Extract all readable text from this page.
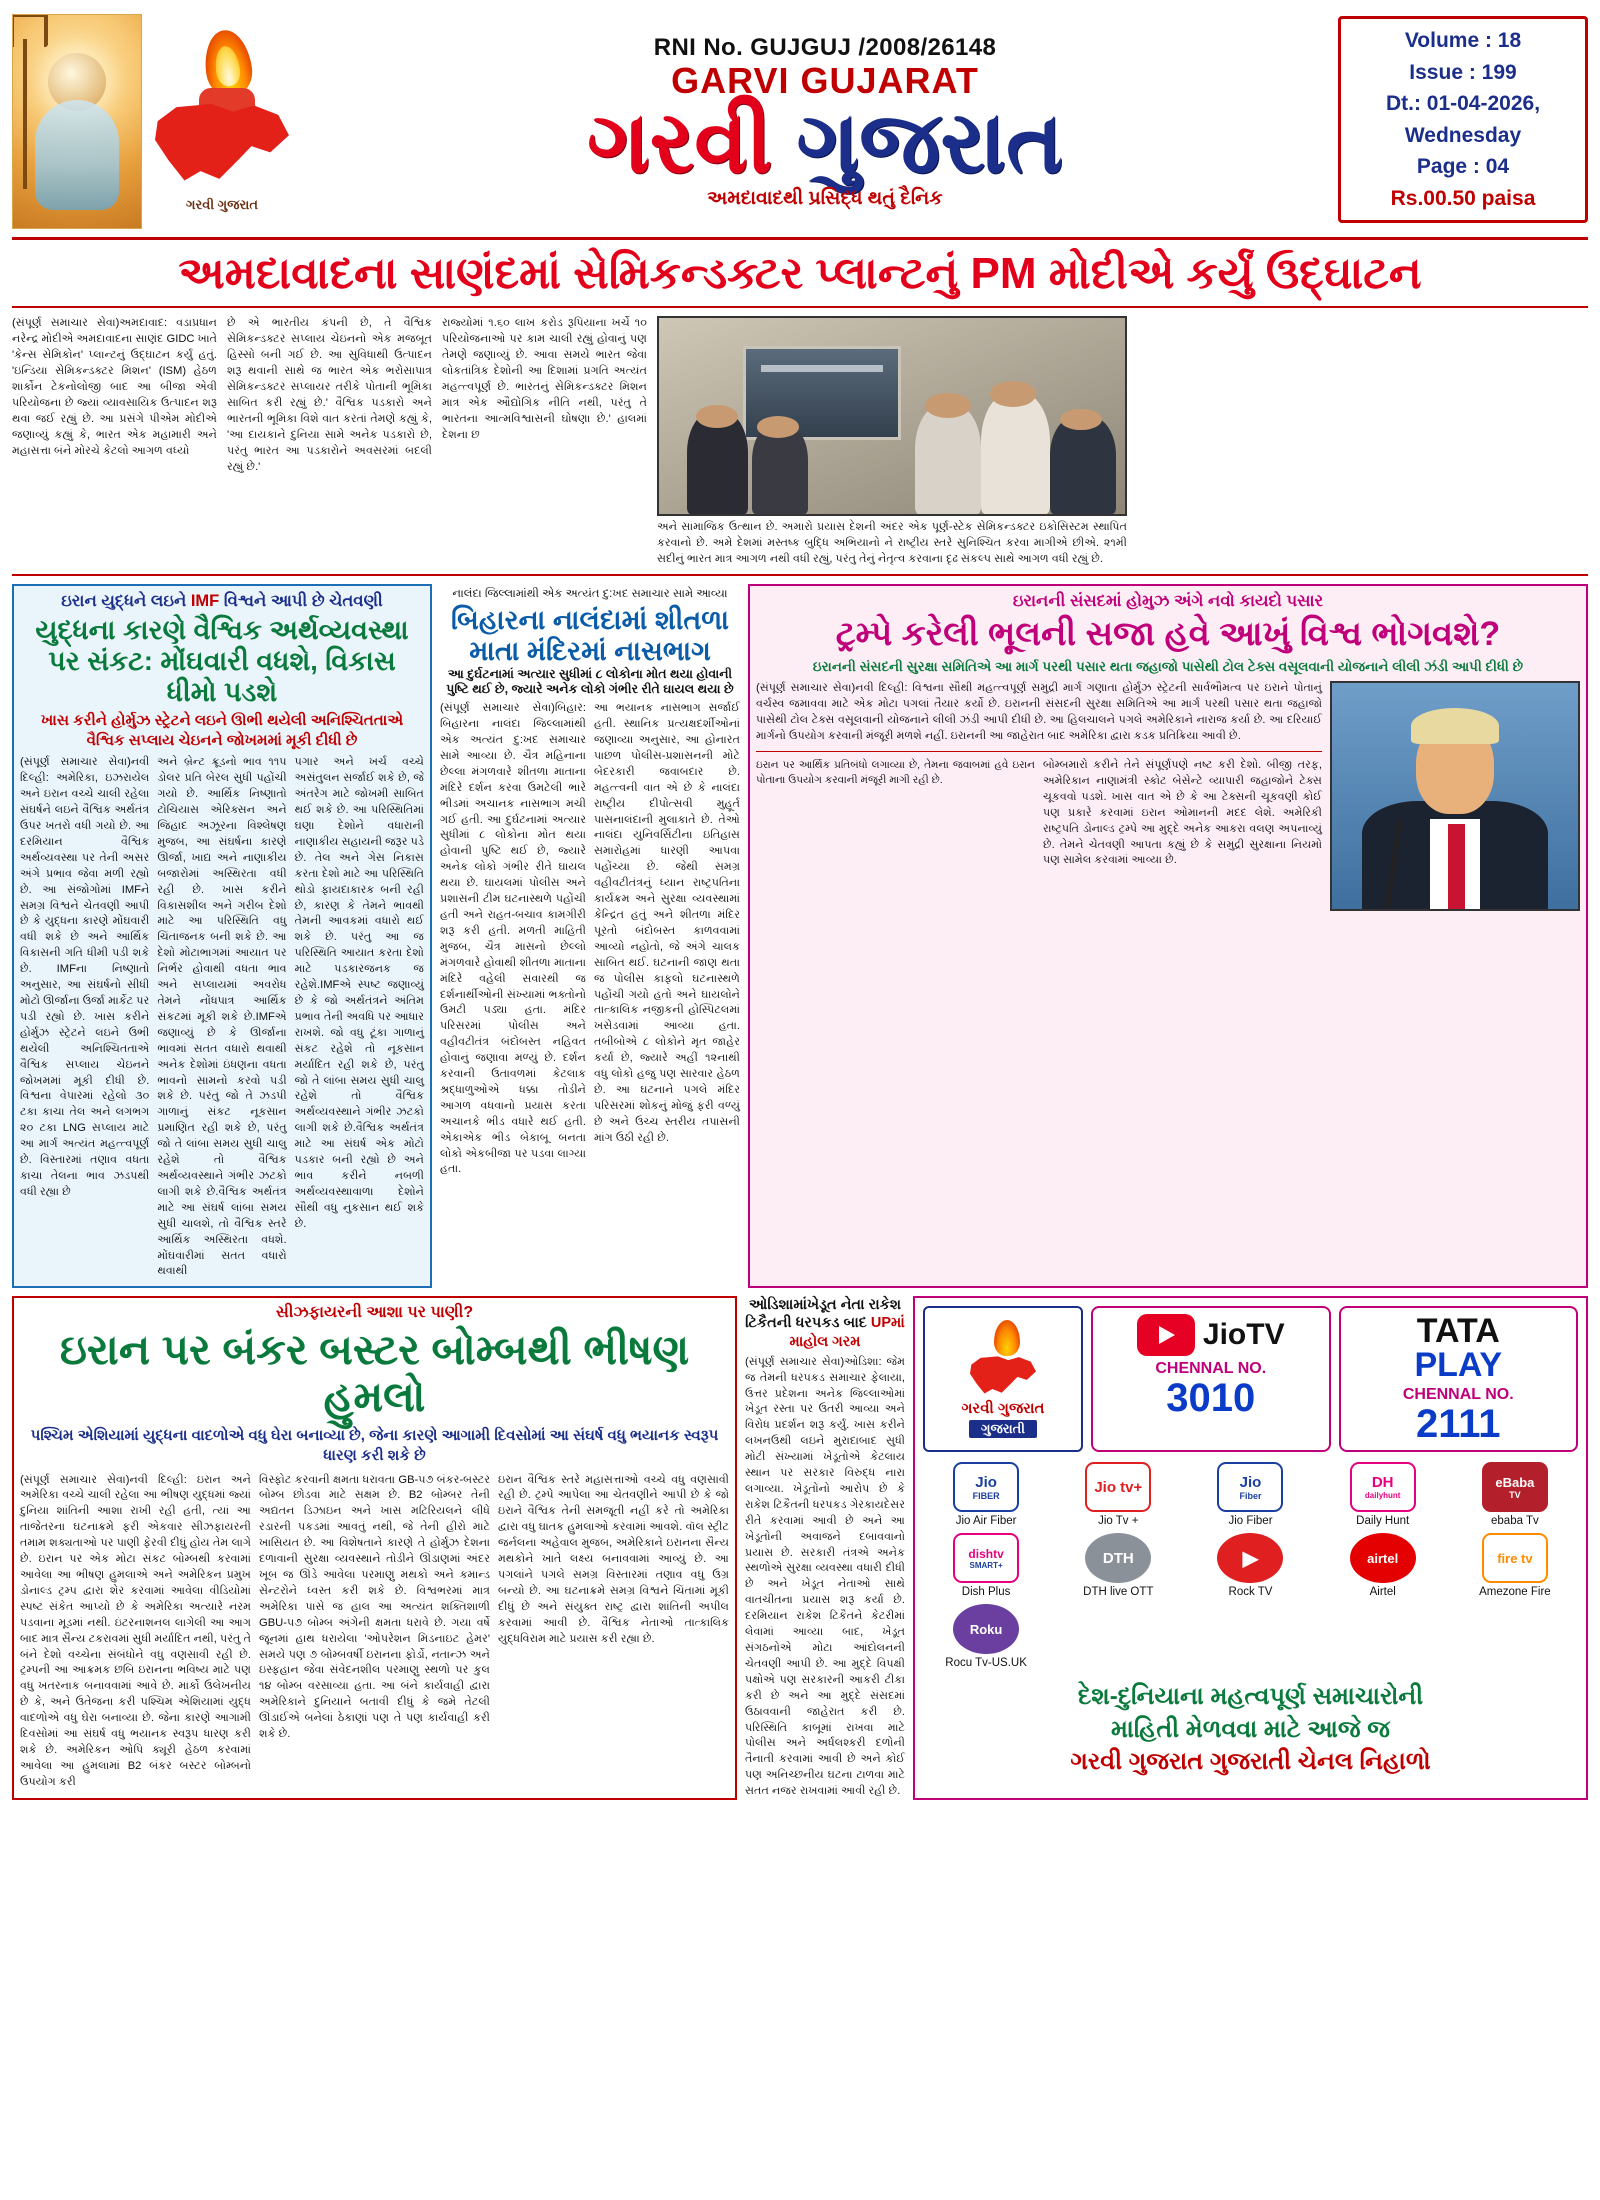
ગરવી ગુજરાત
RNI No. GUJGUJ /2008/26148
GARVI GUJARAT
ગરવી ગુજરાત
અમદાવાદથી પ્રસિદ્ધ થતું દૈનિક
Volume : 18
Issue : 199
Dt.: 01-04-2026,
Wednesday
Page : 04
Rs.00.50 paisa
અમદાવાદના સાણંદમાં સેમિકન્ડક્ટર પ્લાન્ટનું PM મોદીએ કર્યું ઉદ્ઘાટન
(સંપૂર્ણ સમાચાર સેવા)અમદાવાદ: વડાપ્રધાન નરેન્દ્ર મોદીએ અમદાવાદના સાણંદ GIDC ખાતે 'કેન્સ સેમિકોન' પ્લાન્ટનું ઉદ્ઘાટન કર્યું હતું. 'ઇન્ડિયા સેમિકન્ડક્ટર મિશન' (ISM) હેઠળ શાર્કોન ટેકનોલોજી બાદ આ બીજા એવી પરિયોજના છે જ્યાં વ્યાવસાયિક ઉત્પાદન શરૂ થવા જઈ રહ્યું છે. આ પ્રસંગે પીએમ મોદીએ જણાવ્યું કહ્યું કે, ભારત એક મહામારી અને મહાસત્તા બંને મોરચે કેટલો આગળ વધ્યો
છે એ ભારતીય કંપની છે, તે વૈશ્વિક સેમિકન્ડક્ટર સપ્લાય ચેઇનનો એક મજબૂત હિસ્સો બની ગઈ છે. આ સુવિધાથી ઉત્પાદન શરૂ થવાની સાથે જ ભારત એક ભરોસાપાત્ર સેમિકન્ડક્ટર સપ્લાયર તરીકે પોતાની ભૂમિકા સાબિત કરી રહ્યું છે.' વૈશ્વિક પડકારો અને ભારતની ભૂમિકા વિશે વાત કરતાં તેમણે કહ્યું કે, 'આ દાયકાને દુનિયા સામે અનેક પડકારો છે, પરંતુ ભારત આ પડકારોને અવસરમાં બદલી રહ્યું છે.'
રાજ્યોમાં ૧.૬૦ લાખ કરોડ રૂપિયાના ખર્ચે ૧૦ પરિયોજનાઓ પર કામ ચાલી રહ્યું હોવાનું પણ તેમણે જણાવ્યું છે. આવા સમયે ભારત જેવા લોકતાંત્રિક દેશોની આ દિશામાં પ્રગતિ અત્યંત મહત્ત્વપૂર્ણ છે. ભારતનું સેમિકન્ડક્ટર મિશન માત્ર એક ઔદ્યોગિક નીતિ નથી, પરંતુ તે ભારતના આત્મવિશ્વાસની ઘોષણા છે.' હાલમાં દેશના છ
અને સામાજિક ઉત્થાન છે. અમારો પ્રયાસ દેશની અંદર એક પૂર્ણ-સ્ટેક સેમિકન્ડક્ટર ઇકોસિસ્ટમ સ્થાપિત કરવાનો છે. અમે દેશમાં મસ્તષ્ક બુદ્ધિ અભિયાનો ને રાષ્ટ્રીય સ્તરે સુનિશ્ચિત કરવા માગીએ છીએ. ૨૧મી સદીનું ભારત માત્ર આગળ નથી વધી રહ્યું, પરંતુ તેનું નેતૃત્વ કરવાના દૃઢ સંકલ્પ સાથે આગળ વધી રહ્યું છે.
ઇરાન યુદ્ધને લઇને IMF વિશ્વને આપી છે ચેતવણી
યુદ્ધના કારણે વૈશ્વિક અર્થવ્યવસ્થા પર સંકટ: મોંઘવારી વધશે, વિકાસ ધીમો પડશે
ખાસ કરીને હોર્મુઝ સ્ટ્રેટને લઇને ઊભી થયેલી અનિશ્ચિતતાએ વૈશ્વિક સપ્લાય ચેઇનને જોખમમાં મૂકી દીધી છે
(સંપૂર્ણ સમાચાર સેવા)નવી દિલ્હી: અમેરિકા, ઇઝરાયેલ અને ઇરાન વચ્ચે ચાલી રહેલા સંઘર્ષને લઇને વૈશ્વિક અર્થતંત્ર ઉપર ખતરો વધી ગયો છે. આ દરમિયાન વૈશ્વિક અર્થવ્યવસ્થા પર તેની અસર અંગે પ્રભાવ જેવા મળી રહ્યો છે. આ સંજોગોમાં IMFને સમગ્ર વિશ્વને ચેતવણી આપી છે કે યુદ્ધના કારણે મોંઘવારી વધી શકે છે અને આર્થિક વિકાસની ગતિ ધીમી પડી શકે છે. IMFના નિષ્ણાતો અનુસાર, આ સંઘર્ષનો સીધી મોટો ઊર્જાના ઉર્જા માર્કેટ પર પડી રહ્યો છે. ખાસ કરીને હોર્મુઝ સ્ટ્રેટને લઇને ઉભી થયેલી અનિશ્ચિતતાએ વૈશ્વિક સપ્લાય ચેઇનને જોખમમાં મૂકી દીધી છે. વિશ્વના વેપારમાં રહેલો ૩૦ ટકા કાચા તેલ અને લગભગ ૨૦ ટકા LNG સપ્લાય માટે આ માર્ગ અત્યંત મહત્ત્વપૂર્ણ છે. વિસ્તારમાં તણાવ વધતા કાચા તેલના ભાવ ઝડપથી વધી રહ્યા છે
અને બ્રેન્ટ ક્રૂડનો ભાવ ૧૧૫ ડોલર પ્રતિ બેરલ સુધી પહોંચી ગયો છે. આર્થિક નિષ્ણાતો ટોચિયાસ એરિક્સન અને જિહાદ અઝૂરના વિશ્લેષણ મુજબ, આ સંઘર્ષના કારણે ઊર્જા, ખાદ્ય અને નાણાકીય બજારોમાં અસ્થિરતા વધી રહી છે. ખાસ કરીને વિકાસશીલ અને ગરીબ દેશો માટે આ પરિસ્થિતિ વધુ ચિંતાજનક બની શકે છે. આ દેશો મોટાભાગમાં આયાત પર નિર્ભર હોવાથી વધતા ભાવ અને સપ્લાયમાં અવરોધ તેમને નોંધપાત્ર આર્થિક સંકટમાં મૂકી શકે છે.IMFએ જણાવ્યું છે કે ઊર્જાના ભાવમાં સતત વધારો થવાથી અનેક દેશોમાં ઇંધણના વધતા ભાવનો સામનો કરવો પડી શકે છે. પરંતુ જો તે ઝડપી ગાળાનું સંકટ નૂકસાન પ્રમાણિત રહી શકે છે, પરંતુ જો તે લાંબા સમય સુધી ચાલુ રહેશે તો વૈશ્વિક અર્થવ્યવસ્થાને ગંભીર ઝટકો લાગી શકે છે.વૈશ્વિક અર્થતંત્ર માટે આ સંઘર્ષ લાંબા સમય સુધી ચાલશે, તો વૈશ્વિક સ્તરે આર્થિક અસ્થિરતા વધશે. મોંઘવારીમાં સતત વધારો થવાથી
પગાર અને ખર્ચ વચ્ચે અસંતુલન સર્જાઈ શકે છે, જે અંતરેગ માટે જોખમી સાબિત થઈ શકે છે. આ પરિસ્થિતિમાં ઘણા દેશોને વધારાની નાણાકીય સહાયની જરૂર પડે છે. તેલ અને ગેસ નિકાસ કરતા દેશો માટે આ પરિસ્થિતિ થોડો ફાયદાકારક બની રહી છે, કારણ કે તેમને ભાવથી તેમની આવકમાં વધારો થઈ શકે છે. પરંતુ આ જ પરિસ્થિતિ આયાત કરતા દેશો માટે પડકારજનક જ રહેશે.IMFએ સ્પષ્ટ જણાવ્યું છે કે જો અર્થતંત્રને અંતિમ પ્રભાવ તેની અવધિ પર આધાર રાખશે. જો વધુ ટૂંકા ગાળાનું સંકટ રહેશે તો નૂકસાન મર્યાદિત રહી શકે છે, પરંતુ જો તે લાંબા સમય સુધી ચાલુ રહેશે તો વૈશ્વિક અર્થવ્યવસ્થાને ગંભીર ઝટકો લાગી શકે છે.વૈશ્વિક અર્થતંત્ર માટે આ સંઘર્ષ એક મોટો પડકાર બની રહ્યો છે અને ભાવ કરીને નબળી અર્થવ્યવસ્થાવાળા દેશોને સૌથી વધુ નુકસાન થઈ શકે છે.
નાલંદા જિલ્લામાંથી એક અત્યંત દુ:ખદ સમાચાર સામે આવ્યા
બિહારના નાલંદામાં શીતળા માતા મંદિરમાં નાસભાગ
આ દુર્ઘટનામાં અત્યાર સુધીમાં ૮ લોકોના મોત થયા હોવાની પુષ્ટિ થઈ છે, જ્યારે અનેક લોકો ગંભીર રીતે ઘાયલ થયા છે
(સંપૂર્ણ સમાચાર સેવા)બિહાર: બિહારના નાલંદા જિલ્લામાંથી એક અત્યંત દુ:ખદ સમાચાર સામે આવ્યા છે. ચૈત્ર મહિનાના છેલ્લા મંગળવારે શીતળા માતાના મંદિરે દર્શન કરવા ઉમટેલી ભારે ભીડમાં અચાનક નાસભાગ મચી ગઈ હતી. આ દુર્ઘટનામાં અત્યાર સુધીમાં ૮ લોકોના મોત થયા હોવાની પુષ્ટિ થઈ છે, જ્યારે અનેક લોકો ગંભીર રીતે ઘાયલ થયા છે. ઘાયલમાં પોલીસ અને પ્રશાસની ટીમ ઘટનાસ્થળે પહોંચી હતી અને રાહત-બચાવ કામગીરી શરૂ કરી હતી. મળતી માહિતી મુજબ, ચૈત્ર માસનો છેલ્લો મંગળવારે હોવાથી શીતળા માતાના મંદિરે વહેલી સવારથી જ દર્શનાર્થીઓની સંખ્યામાં ભક્તોનો ઉમટી પડ્યા હતા. મંદિર પરિસરમાં પોલીસ અને વહીવટીતંત્ર બંદોબસ્ત નહિવત હોવાનું જણાવા મળ્યું છે. દર્શન કરવાની ઉતાવળમાં કેટલાક શ્રદ્ધાળુઓએ ધક્કા તોડીને આગળ વધવાનો પ્રયાસ કરતા અચાનકે ભીડ વધારે થઈ હતી. એકાએક ભીડ બેકાબૂ બનતા લોકો એકબીજા પર પડવા લાગ્યા હતા.
આ ભયાનક નાસભાગ સર્જાઈ હતી. સ્થાનિક પ્રત્યક્ષદર્શીઓનાં જણાવ્યા અનુસાર, આ હોનારત પાછળ પોલીસ-પ્રશાસનની મોટે બેદરકારી જવાબદાર છે. મહત્ત્વની વાત એ છે કે નાલંદા રાષ્ટ્રીય દીપોત્સવી મુહૂર્ત પાસનાલંદાની મુલાકાતે છે. તેઓ નાલંદા યુનિવર્સિટીના ઇતિહાસ સમારોહમાં ધારણી આપવા પહોંચ્યા છે. જેથી સમગ્ર વહીવટીતંત્રનું ધ્યાન રાષ્ટ્રપતિના કાર્યક્રમ અને સુરક્ષા વ્યવસ્થામાં કેન્દ્રિત હતું અને શીતળા મંદિર પૂરતો બંદોબસ્ત કાળવવામાં આવ્યો નહોતો, જે અંગે ચાલક સાબિત થઈ. ઘટનાની જાણ થતા જ પોલીસ કાફલો ઘટનાસ્થળે પહોંચી ગયો હતો અને ઘાયલોને તાત્કાલિક નજીકની હોસ્પિટલમાં ખસેડવામાં આવ્યા હતા. તબીબોએ ૮ લોકોને મૃત જાહેર કર્યા છે, જ્યારે અહીં ૧૨નાથી વધુ લોકો હજુ પણ સારવાર હેઠળ છે. આ ઘટનાને પગલે મંદિર પરિસરમાં શોકનું મોજું ફરી વળ્યું છે અને ઉચ્ચ સ્તરીય તપાસની માંગ ઉઠી રહી છે.
ઇરાનની સંસદમાં હોમુઝ અંગે નવો કાયદો પસાર
ટ્રમ્પે કરેલી ભૂલની સજા હવે આખું વિશ્વ ભોગવશે?
ઇરાનની સંસદની સુરક્ષા સમિતિએ આ માર્ગ પરથી પસાર થતા જહાજો પાસેથી ટોલ ટેક્સ વસૂલવાની યોજનાને લીલી ઝંડી આપી દીધી છે
(સંપૂર્ણ સમાચાર સેવા)નવી દિલ્હી: વિશ્વના સૌથી મહત્ત્વપૂર્ણ સમુદ્રી માર્ગ ગણાતા હોર્મુઝ સ્ટ્રેટની સાર્વભૌમત્વ પર ઇરાને પોતાનું વર્ચસ્વ જમાવવા માટે એક મોટા પગલાં તૈયાર કર્યો છે. ઇરાનની સંસદની સુરક્ષા સમિતિએ આ માર્ગ પરથી પસાર થતા જહાજો પાસેથી ટોલ ટેક્સ વસૂલવાની યોજનાને લીલી ઝંડી આપી દીધી છે. આ હિલચાલને પગલે અમેરિકાને નારાજ કર્યા છે. આ દરિયાઈ માર્ગનો ઉપયોગ કરવાની મંજૂરી મળશે નહીં. ઇરાનની આ જાહેરાત બાદ અમેરિકા દ્વારા કડક પ્રતિક્રિયા આવી છે.
ઇરાન પર આર્થિક પ્રતિબંધો લગાવ્યા છે, તેમના જવાબમાં હવે ઇરાન પોતાના ઉપયોગ કરવાની મંજૂરી માગી રહી છે.
બોમ્બમારો કરીને તેને સંપૂર્ણપણે નષ્ટ કરી દેશો. બીજી તરફ, અમેરિકાન નાણામંત્રી સ્કોટ બેસેન્ટે વ્યાપારી જહાજોને ટેક્સ ચૂકવવો પડશે. ખાસ વાત એ છે કે આ ટેક્સની ચૂકવણી કોઈ પણ પ્રકારે કરવામાં ઇરાન ઓમાનની મદદ લેશે. અમેરિકી રાષ્ટ્રપતિ ડોનાલ્ડ ટ્રમ્પે આ મુદ્દે અનેક આકરા વલણ અપનાવ્યું છે. તેમને ચેતવણી આપતા કહ્યું છે કે સમુદ્રી સુરક્ષાના નિયમો પણ સામેલ કરવામાં આવ્યા છે.
સીઝફાયરની આશા પર પાણી?
ઇરાન પર બંકર બસ્ટર બોમ્બથી ભીષણ હુમલો
પશ્ચિમ એશિયામાં યુદ્ધના વાદળોએ વધુ ઘેરા બનાવ્યા છે, જેના કારણે આગામી દિવસોમાં આ સંઘર્ષ વધુ ભયાનક સ્વરૂપ ધારણ કરી શકે છે
(સંપૂર્ણ સમાચાર સેવા)નવી દિલ્હી: ઇરાન અને અમેરિકા વચ્ચે ચાલી રહેલા આ ભીષણ યુદ્ધમાં જ્યાં દુનિયા શાંતિની આશા રાખી રહી હતી, ત્યાં આ તાજેતરના ઘટનાક્રમે ફરી એકવાર સીઝફાયરની તમામ શક્યતાઓ પર પાણી ફેરવી દીધું હોય તેમ લાગે છે. ઇરાન પર એક મોટા સંકટ બોમ્બથી કરવામાં આવેલા આ ભીષણ હુમલાએ અને અમેરિકન પ્રમુખ ડોનાલ્ડ ટ્રમ્પ દ્વારા શેર કરવામાં આવેલા વીડિયોમાં સ્પષ્ટ સંકેત આપ્યો છે કે અમેરિકા અત્યારે નરમ પડવાના મૂડમાં નથી. ઇંટરનાશનલ લાગેલી આ આગ બાદ માત્ર સૈન્ય ટકરાવમાં સુધી મર્યાદિત નથી, પરંતુ તે બંને દેશો વચ્ચેના સંબંધોને વધુ વણસાવી રહી છે. ટ્રમ્પની આ આક્રમક છબિ ઇરાનના ભવિષ્ય માટે પણ વધુ ખતરનાક બનાવવામાં આવે છે. માર્કો ઉલેખનીય છે કે, અને ઉતેજના કરી પશ્ચિમ એશિયામાં યુદ્ધ વાદળોએ વધુ ઘેરા બનાવ્યા છે. જેના કારણે આગામી દિવસોમાં આ સંઘર્ષ વધુ ભયાનક સ્વરૂપ ધારણ કરી શકે છે. અમેરિકન ઓપિ ક્યૂરી હેઠળ કરવામાં આવેલા આ હુમલામાં B2 બંકર બસ્ટર બોમ્બનો ઉપયોગ કરી
વિસ્ફોટ કરવાની ક્ષમતા ધરાવતા GB-૫૭ બંકર-બસ્ટર બોમ્બ છોડવા માટે સક્ષમ છે. B2 બોમ્બર તેની અદ્યતન ડિઝાઇન અને ખાસ મટિરિયલને લીધે રડારની પકડમાં આવતું નથી, જે તેની હીરો માટે ખાસિયત છે. આ વિશેષતાને કારણે તે હોર્મુઝ દેશના દળાવાની સુરક્ષા વ્યવસ્થાને તોડીને ઊંડાણમાં અંદર ખૂબ જ ઊંડે આવેલા પરમાણુ મથકો અને કમાન્ડ સેન્ટરોને ધ્વસ્ત કરી શકે છે. વિશ્વભરમાં માત્ર અમેરિકા પાસે જ હાલ આ અત્યંત શક્તિશાળી GBU-૫૭ બોમ્બ અંગેની ક્ષમતા ધરાવે છે. ગયા વર્ષે જૂનમાં હાથ ધરાયેલા 'ઓપરેશન મિડનાઇટ હેમર' સમયે પણ ૭ બોમ્બવર્ષી ઇરાનના ફોર્ડો, નતાન્ઝ અને ઇસ્ફહાન જેવા સંવેદનશીલ પરમાણુ સ્થળો પર કુલ ૧૪ બોમ્બ વરસાવ્યા હતા. આ બંને કાર્યવાહી દ્વારા અમેરિકાને દુનિયાને બતાવી દીધું કે જમે તેટલી ઊંડાઈએ બનેલાં ઠેકાણાં પણ તે પણ કાર્યવાહી કરી શકે છે.
ઇરાન વૈશ્વિક સ્તરે મહાસત્તાઓ વચ્ચે વધુ વણસાવી રહી છે. ટ્રમ્પે આપેલા આ ચેતવણીને આપી છે કે જો ઇરાને વૈશ્વિક તેની સમજૂતી નહીં કરે તો અમેરિકા દ્વારા વધુ ઘાતક હુમલાઓ કરવામાં આવશે. વૉલ સ્ટ્રીટ જર્નલના અહેવાલ મુજબ, અમેરિકાને ઇરાનના સૈન્ય મથકોને ખાતે લક્ષ્ય બનાવવામાં આવ્યું છે. આ પગલાંને પગલે સમગ્ર વિસ્તારમાં તણાવ વધુ ઉગ્ર બન્યો છે. આ ઘટનાક્રમે સમગ્ર વિશ્વને ચિંતામાં મૂકી દીધું છે અને સંયુક્ત રાષ્ટ્ર દ્વારા શાંતિની અપીલ કરવામાં આવી છે. વૈશ્વિક નેતાઓ તાત્કાલિક યુદ્ધવિરામ માટે પ્રયાસ કરી રહ્યા છે.
ઓડિશામાંખેડૂત નેતા રાકેશ ટિકૈતની ધરપકડ બાદ UPમાં માહોલ ગરમ
(સંપૂર્ણ સમાચાર સેવા)ઓડિશા: જેમ જ તેમની ધરપકડ સમાચાર ફેલાયા, ઉત્તર પ્રદેશના અનેક જિલ્લાઓમાં ખેડૂત રસ્તા પર ઉતરી આવ્યા અને વિરોધ પ્રદર્શન શરૂ કર્યું. ખાસ કરીને લખનઉથી લઇને મુરાદાબાદ સુધી મોટી સંખ્યામાં ખેડૂતોએ કેટલાય સ્થાન પર સરકાર વિરુદ્ધ નારા લગાવ્યા. ખેડૂતોનો આરોપ છે કે રાકેશ ટિકૈતની ધરપકડ ગેરકાયદેસર રીતે કરવામાં આવી છે અને આ ખેડૂતોની અવાજને દબાવવાનો પ્રયાસ છે. સરકારી તંત્રએ અનેક સ્થળોએ સુરક્ષા વ્યવસ્થા વધારી દીધી છે અને ખેડૂત નેતાઓ સાથે વાતચીતના પ્રયાસ શરૂ કર્યા છે. દરમિયાન રાકેશ ટિકૈતને કેટરીમાં લેવામાં આવ્યા બાદ, ખેડૂત સંગઠનોએ મોટા આંદોલનની ચેતવણી આપી છે. આ મુદ્દે વિપક્ષી પક્ષોએ પણ સરકારની આકરી ટીકા કરી છે અને આ મુદ્દે સંસદમાં ઉઠાવવાની જાહેરાત કરી છે. પરિસ્થિતિ કાબૂમાં રાખવા માટે પોલીસ અને અર્ધલશ્કરી દળોની તૈનાતી કરવામાં આવી છે અને કોઈ પણ અનિચ્છનીય ઘટના ટાળવા માટે સતત નજર રાખવામાં આવી રહી છે.
ગરવી ગુજરાત
ગુજરાતી
JioTV
CHENNAL NO.
3010
TATA
PLAY
CHENNAL NO.
2111
Jio
FIBER
Jio Air Fiber
Jio tv+
Jio Tv +
Jio
Fiber
Jio Fiber
DH
dailyhunt
Daily Hunt
eBaba
TV
ebaba Tv
dishtv
SMART+
Dish Plus
DTH
DTH live OTT
▶
Rock TV
airtel
Airtel
fire tv
Amezone Fire
Roku
Rocu Tv-US.UK
દેશ-દુનિયાના મહત્વપૂર્ણ સમાચારોની
માહિતી મેળવવા માટે આજે જ
ગરવી ગુજરાત ગુજરાતી ચેનલ નિહાળો
